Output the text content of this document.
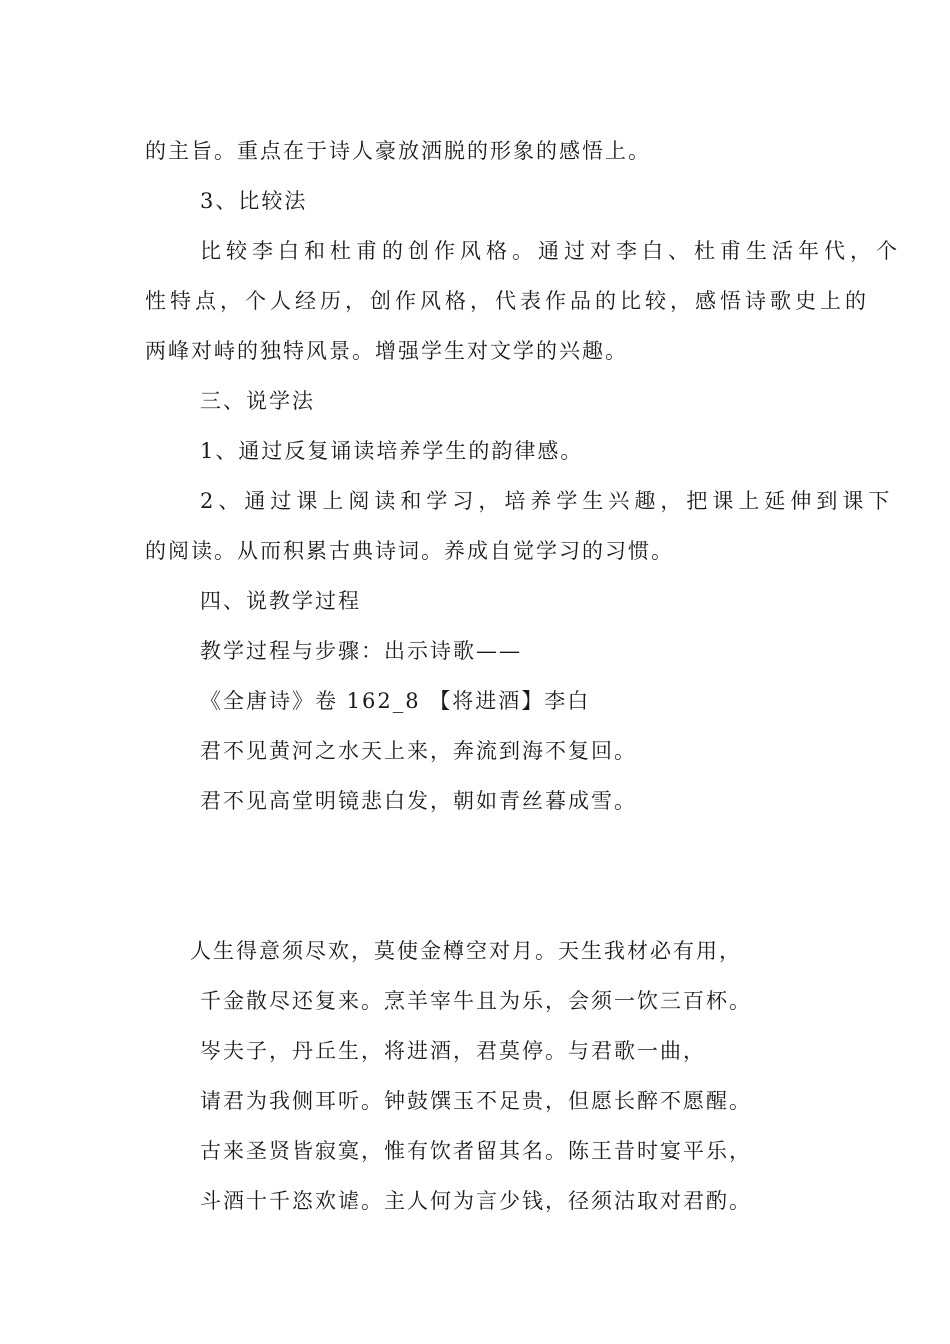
的主旨。重点在于诗人豪放洒脱的形象的感悟上。
3、比较法
比较李白和杜甫的创作风格。通过对李白、杜甫生活年代，个
性特点，个人经历，创作风格，代表作品的比较，感悟诗歌史上的
两峰对峙的独特风景。增强学生对文学的兴趣。
三、说学法
1、通过反复诵读培养学生的韵律感。
2、通过课上阅读和学习，培养学生兴趣，把课上延伸到课下
的阅读。从而积累古典诗词。养成自觉学习的习惯。
四、说教学过程
教学过程与步骤：出示诗歌——
《全唐诗》卷 162_8 【将进酒】李白
君不见黄河之水天上来，奔流到海不复回。
君不见高堂明镜悲白发，朝如青丝暮成雪。
人生得意须尽欢，莫使金樽空对月。天生我材必有用，
千金散尽还复来。烹羊宰牛且为乐，会须一饮三百杯。
岑夫子，丹丘生，将进酒，君莫停。与君歌一曲，
请君为我侧耳听。钟鼓馔玉不足贵，但愿长醉不愿醒。
古来圣贤皆寂寞，惟有饮者留其名。陈王昔时宴平乐，
斗酒十千恣欢谑。主人何为言少钱，径须沽取对君酌。
